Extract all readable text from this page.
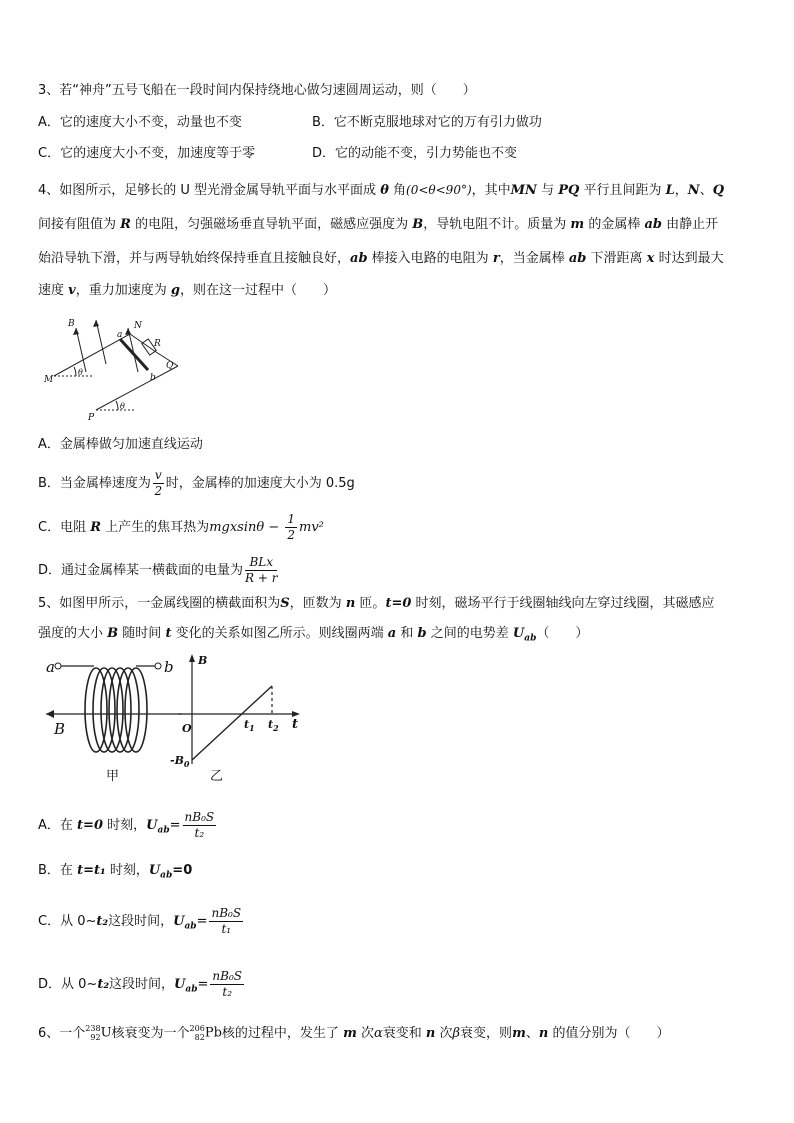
3、若“神舟”五号飞船在一段时间内保持绕地心做匀速圆周运动，则（　　）
A．它的速度大小不变，动量也不变	B．它不断克服地球对它的万有引力做功
C．它的速度大小不变，加速度等于零	D．它的动能不变，引力势能也不变
4、如图所示，足够长的 U 型光滑金属导轨平面与水平面成 θ 角(0<θ<90°)，其中MN 与 PQ 平行且间距为 L，N、Q
间接有阻值为 R 的电阻，匀强磁场垂直导轨平面，磁感应强度为 B，导轨电阻不计。质量为 m 的金属棒 ab 由静止开
始沿导轨下滑，并与两导轨始终保持垂直且接触良好，ab 棒接入电路的电阻为 r，当金属棒 ab 下滑距离 x 时达到最大
速度 v，重力加速度为 g，则在这一过程中（　　）
B
a
N
R
Q
b
M
θ
P
θ
A．金属棒做匀加速直线运动
B．当金属棒速度为 $\frac{v}{2}$ 时，金属棒的加速度大小为 0.5g
C．电阻 R 上产生的焦耳热为$mgxsin\theta - \frac{1}{2} mv^2$
D．通过金属棒某一横截面的电量为 $\frac{\text{BLx}}{R + r}$
5、如图甲所示，一金属线圈的横截面积为S，匝数为 n 匝。t=0 时刻，磁场平行于线圈轴线向左穿过线圈，其磁感应
强度的大小 B 随时间 t 变化的关系如图乙所示。则线圈两端 a 和 b 之间的电势差 $U_{ab}$（　　）
a	b
B
甲
B
O	$t_1$ $t_2$ t
$-B_0$
乙
A．在 t=0 时刻，$U_{ab}= \frac{\text{nB₀S}}{\text{t₂}}$
B．在 t=t₁ 时刻，$U_{ab}=0$
C．从 0~t₂这段时间，$U_{ab}= \frac{\text{nB₀S}}{\text{t₁}}$
D．从 0~t₂这段时间，$U_{ab}= \frac{\text{nB₀S}}{\text{t₂}}$
6、一个 238
92 U核衰变为一个 206
82 Pb核的过程中，发生了 m 次α衰变和 n 次β衰变，则m、n 的值分别为（　　）
